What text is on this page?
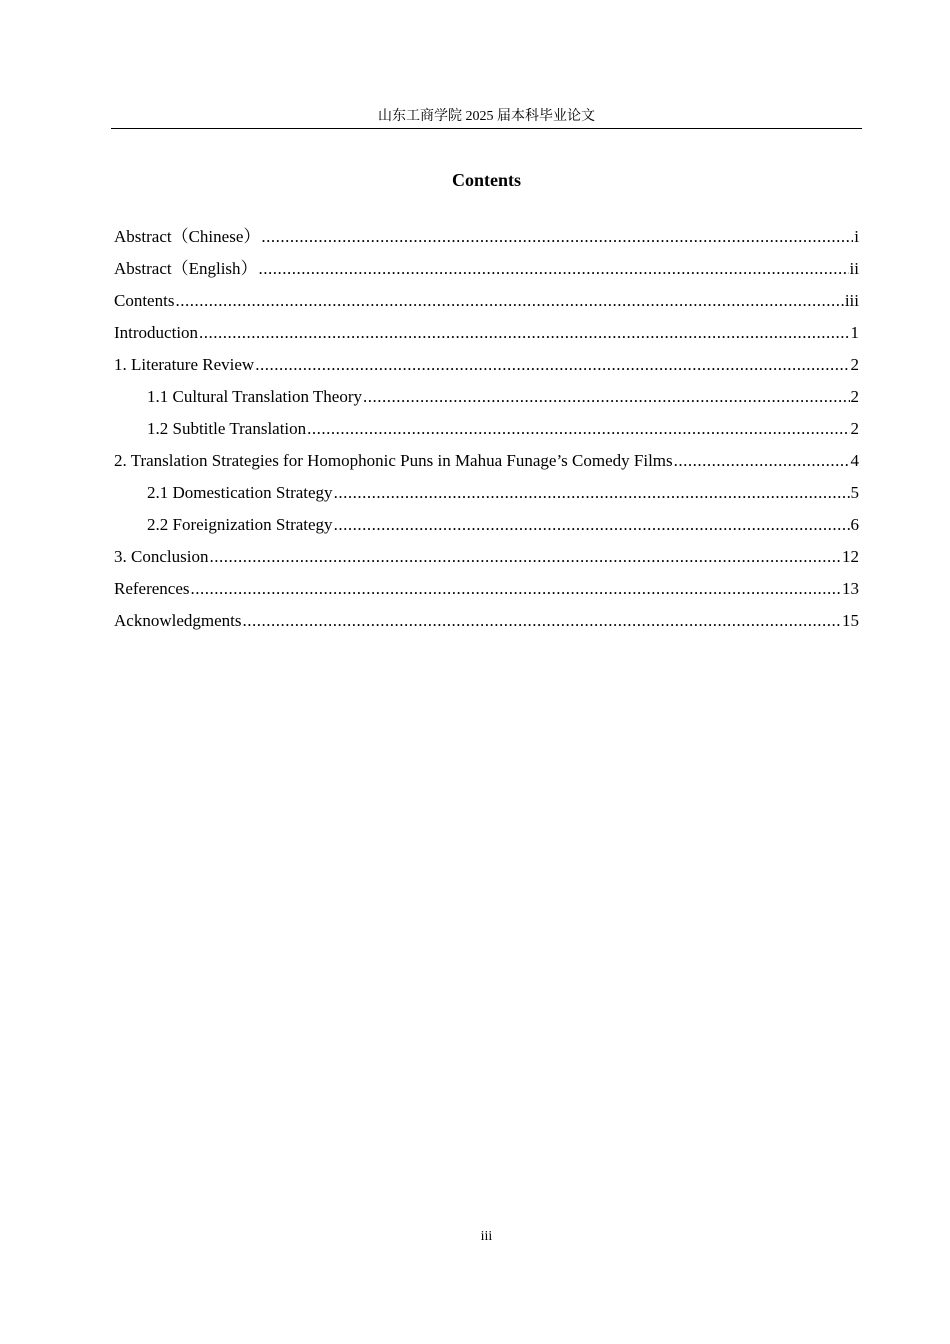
山东工商学院 2025 届本科毕业论文
Contents
Abstract（Chinese） .....	i
Abstract（English） .....	ii
Contents .....	iii
Introduction .....	1
1. Literature Review .....	2
1.1 Cultural Translation Theory .....	2
1.2 Subtitle Translation .....	2
2. Translation Strategies for Homophonic Puns in Mahua Funage’s Comedy Films .....	4
2.1 Domestication Strategy .....	5
2.2 Foreignization Strategy .....	6
3. Conclusion .....	12
References .....	13
Acknowledgments .....	15
iii
